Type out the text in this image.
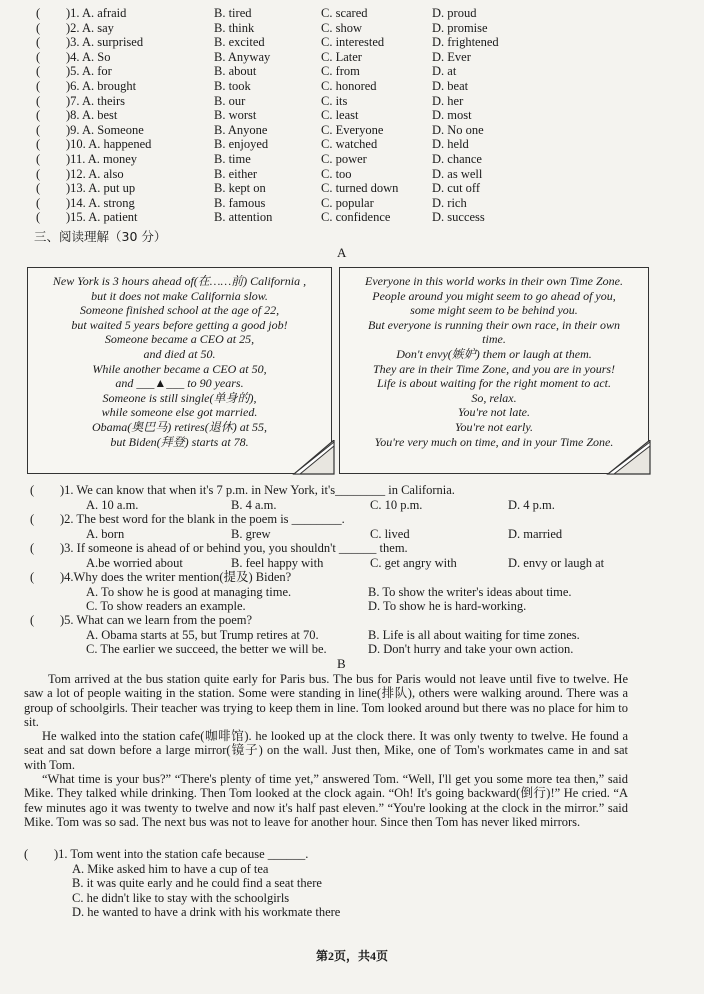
( )1. A. afraid	B. tired	C. scared	D. proud
( )2. A. say	B. think	C. show	D. promise
( )3. A. surprised	B. excited	C. interested	D. frightened
( )4. A. So	B. Anyway	C. Later	D. Ever
( )5. A. for	B. about	C. from	D. at
( )6. A. brought	B. took	C. honored	D. beat
( )7. A. theirs	B. our	C. its	D. her
( )8. A. best	B. worst	C. least	D. most
( )9. A. Someone	B. Anyone	C. Everyone	D. No one
( )10. A. happened	B. enjoyed	C. watched	D. held
( )11. A. money	B. time	C. power	D. chance
( )12. A. also	B. either	C. too	D. as well
( )13. A. put up	B. kept on	C. turned down	D. cut off
( )14. A. strong	B. famous	C. popular	D. rich
( )15. A. patient	B. attention	C. confidence	D. success
三、阅读理解（30 分）
A
New York is 3 hours ahead of(在……前) California ,
but it does not make California slow.
Someone finished school at the age of 22,
but waited 5 years before getting a good job!
Someone became a CEO at 25,
and died at 50.
While another became a CEO at 50,
and ___▲___ to 90 years.
Someone is still single(单身的),
while someone else got married.
Obama(奥巴马) retires(退休) at 55,
but Biden(拜登) starts at 78.
Everyone in this world works in their own Time Zone.
People around you might seem to go ahead of you,
some might seem to be behind you.
But everyone is running their own race, in their own
time.
Don't envy(嫉妒) them or laugh at them.
They are in their Time Zone, and you are in yours!
Life is about waiting for the right moment to act.
So, relax.
You're not late.
You're not early.
You're very much on time, and in your Time Zone.
( )1. We can know that when it's 7 p.m. in New York, it's________ in California.
A. 10 a.m.	B. 4 a.m.	C. 10 p.m.	D. 4 p.m.
( )2. The best word for the blank in the poem is ________.
A. born	B. grew	C. lived	D. married
( )3. If someone is ahead of or behind you, you shouldn't ______ them.
A.be worried about	B. feel happy with	C. get angry with	D. envy or laugh at
( )4.Why does the writer mention(提及) Biden?
A. To show he is good at managing time.	B. To show the writer's ideas about time.
C. To show readers an example.	D. To show he is hard-working.
( )5. What can we learn from the poem?
A. Obama starts at 55, but Trump retires at 70.	B. Life is all about waiting for time zones.
C. The earlier we succeed, the better we will be.	D. Don't hurry and take your own action.
B

Tom arrived at the bus station quite early for Paris bus. The bus for Paris would not leave until five to twelve. He saw a lot of people waiting in the station. Some were standing in line(排队), others were walking around. There was a group of schoolgirls. Their teacher was trying to keep them in line. Tom looked around but there was no place for him to sit.

He walked into the station cafe(咖啡馆). he looked up at the clock there. It was only twenty to twelve. He found a seat and sat down before a large mirror(镜子) on the wall. Just then, Mike, one of Tom's workmates came in and sat with Tom.

“What time is your bus?” “There's plenty of time yet,” answered Tom. “Well, I'll get you some more tea then,” said Mike. They talked while drinking. Then Tom looked at the clock again. “Oh! It's going backward(倒行)!” He cried. “A few minutes ago it was twenty to twelve and now it's half past eleven.” “You're looking at the clock in the mirror.” said Mike. Tom was so sad. The next bus was not to leave for another hour. Since then Tom has never liked mirrors.

( )1. Tom went into the station cafe because ______.
A. Mike asked him to have a cup of tea
B. it was quite early and he could find a seat there
C. he didn't like to stay with the schoolgirls
D. he wanted to have a drink with his workmate there
第2页，共4页
